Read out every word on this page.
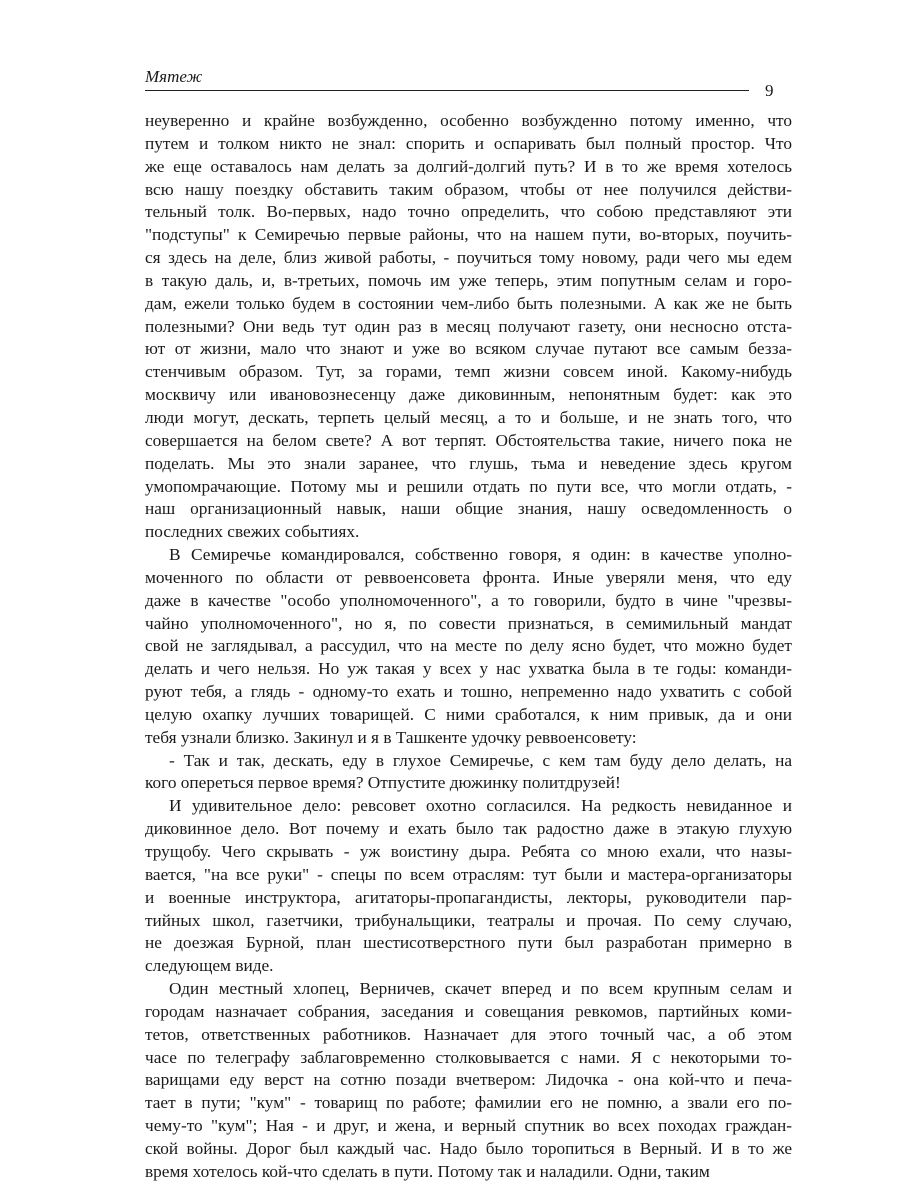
Мятеж
9
неуверенно и крайне возбужденно, особенно возбужденно потому именно, что
путем и толком никто не знал: спорить и оспаривать был полный простор. Что
же еще оставалось нам делать за долгий-долгий путь? И в то же время хотелось
всю нашу поездку обставить таким образом, чтобы от нее получился действи-
тельный толк. Во-первых, надо точно определить, что собою представляют эти
"подступы" к Семиречью первые районы, что на нашем пути, во-вторых, поучить-
ся здесь на деле, близ живой работы, - поучиться тому новому, ради чего мы едем
в такую даль, и, в-третьих, помочь им уже теперь, этим попутным селам и горо-
дам, ежели только будем в состоянии чем-либо быть полезными. А как же не быть
полезными? Они ведь тут один раз в месяц получают газету, они несносно отста-
ют от жизни, мало что знают и уже во всяком случае путают все самым безза-
стенчивым образом. Тут, за горами, темп жизни совсем иной. Какому-нибудь
москвичу или ивановознесенцу даже диковинным, непонятным будет: как это
люди могут, дескать, терпеть целый месяц, а то и больше, и не знать того, что
совершается на белом свете? А вот терпят. Обстоятельства такие, ничего пока не
поделать. Мы это знали заранее, что глушь, тьма и неведение здесь кругом
умопомрачающие. Потому мы и решили отдать по пути все, что могли отдать, -
наш организационный навык, наши общие знания, нашу осведомленность о
последних свежих событиях.
В Семиречье командировался, собственно говоря, я один: в качестве уполно-
моченного по области от реввоенсовета фронта. Иные уверяли меня, что еду
даже в качестве "особо уполномоченного", а то говорили, будто в чине "чрезвы-
чайно уполномоченного", но я, по совести признаться, в семимильный мандат
свой не заглядывал, а рассудил, что на месте по делу ясно будет, что можно будет
делать и чего нельзя. Но уж такая у всех у нас ухватка была в те годы: команди-
руют тебя, а глядь - одному-то ехать и тошно, непременно надо ухватить с собой
целую охапку лучших товарищей. С ними сработался, к ним привык, да и они
тебя узнали близко. Закинул и я в Ташкенте удочку реввоенсовету:
- Так и так, дескать, еду в глухое Семиречье, с кем там буду дело делать, на
кого опереться первое время? Отпустите дюжинку политдрузей!
И удивительное дело: ревсовет охотно согласился. На редкость невиданное и
диковинное дело. Вот почему и ехать было так радостно даже в этакую глухую
трущобу. Чего скрывать - уж воистину дыра. Ребята со мною ехали, что назы-
вается, "на все руки" - спецы по всем отраслям: тут были и мастера-организаторы
и военные инструктора, агитаторы-пропагандисты, лекторы, руководители пар-
тийных школ, газетчики, трибунальщики, театралы и прочая. По сему случаю,
не доезжая Бурной, план шестисотверстного пути был разработан примерно в
следующем виде.
Один местный хлопец, Верничев, скачет вперед и по всем крупным селам и
городам назначает собрания, заседания и совещания ревкомов, партийных коми-
тетов, ответственных работников. Назначает для этого точный час, а об этом
часе по телеграфу заблаговременно столковывается с нами. Я с некоторыми то-
варищами еду верст на сотню позади вчетвером: Лидочка - она кой-что и печа-
тает в пути; "кум" - товарищ по работе; фамилии его не помню, а звали его по-
чему-то "кум"; Ная - и друг, и жена, и верный спутник во всех походах граждан-
ской войны. Дорог был каждый час. Надо было торопиться в Верный. И в то же
время хотелось кой-что сделать в пути. Потому так и наладили. Одни, таким
